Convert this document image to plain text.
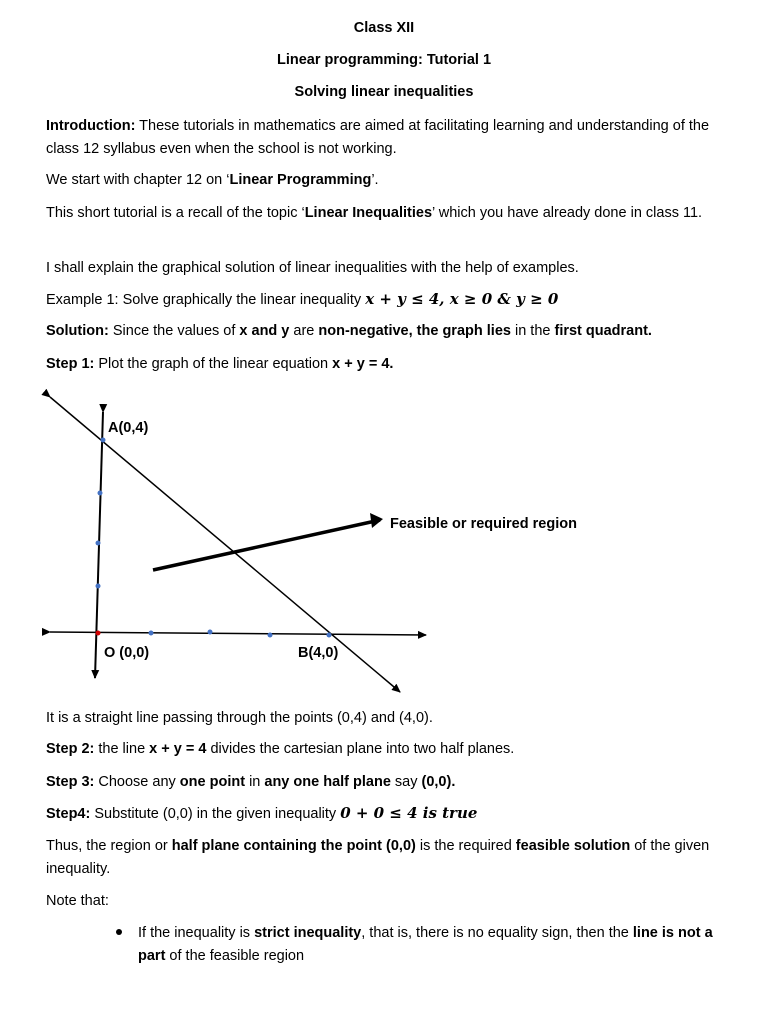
Class XII
Linear programming: Tutorial 1
Solving linear inequalities
Introduction: These tutorials in mathematics are aimed at facilitating learning and understanding of the class 12 syllabus even when the school is not working.
We start with chapter 12 on ‘Linear Programming’.
This short tutorial is a recall of the topic ‘Linear Inequalities’ which you have already done in class 11.
I shall explain the graphical solution of linear inequalities with the help of examples.
Example 1: Solve graphically the linear inequality x + y ≤ 4, x ≥ 0 & y ≥ 0
Solution: Since the values of x and y are non-negative, the graph lies in the first quadrant.
Step 1: Plot the graph of the linear equation x + y = 4.
A(0,4)
O (0,0)	B(4,0)
Feasible or required region
It is a straight line passing through the points (0,4) and (4,0).
Step 2: the line x + y = 4 divides the cartesian plane into two half planes.
Step 3: Choose any one point in any one half plane say (0,0).
Step4: Substitute (0,0) in the given inequality 0 + 0 ≤ 4 is true
Thus, the region or half plane containing the point (0,0) is the required feasible solution of the given inequality.
Note that:
If the inequality is strict inequality, that is, there is no equality sign, then the line is not a part of the feasible region
